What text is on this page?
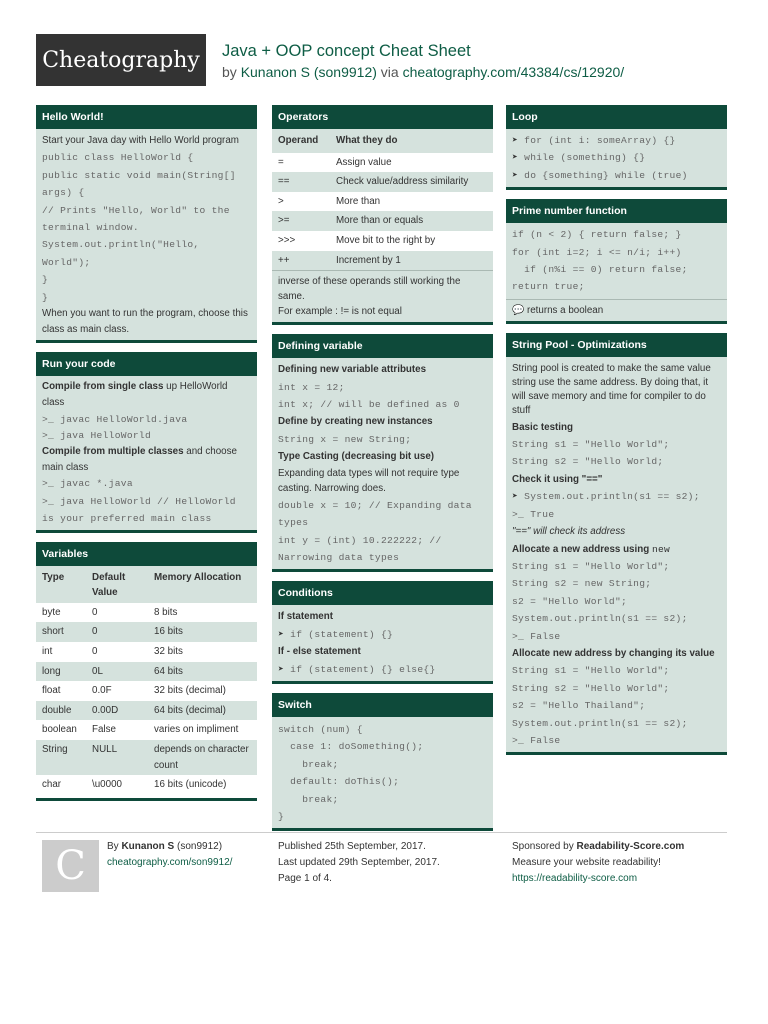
Cheatography Java + OOP concept Cheat Sheet
by Kunanon S (son9912) via cheatography.com/43384/cs/12920/
Hello World!
Start your Java day with Hello World program
public class HelloWorld {
public static void main(String[]
args) {
// Prints "Hello, World" to the
terminal window.
System.out.println("Hello, World");
}
}
When you want to run the program, choose this class as main class.
Run your code
Compile from single class up HelloWorld class
>_ javac HelloWorld.java
>_ java HelloWorld
Compile from multiple classes and choose main class
>_ javac *.java
>_ java HelloWorld // HelloWorld is your preferred main class
Variables
Type	Default Value	Memory Allocation
byte	0	8 bits
short	0	16 bits
int	0	32 bits
long	0L	64 bits
float	0.0F	32 bits (decimal)
double	0.00D	64 bits (decimal)
boolean	False	varies on impliment
String	NULL	depends on character count
char	\u0000	16 bits (unicode)
Operators
Operand	What they do
=	Assign value
==	Check value/address similarity
>	More than
>=	More than or equals
>>>	Move bit to the right by
++	Increment by 1
inverse of these operands still working the same.
For example : != is not equal
Defining variable
Defining new variable attributes
int x = 12;
int x; // will be defined as 0
Define by creating new instances
String x = new String;
Type Casting (decreasing bit use)
Expanding data types will not require type casting. Narrowing does.
double x = 10; // Expanding data types
int y = (int) 10.222222; // Narrowing data types
Conditions
If statement
➤ if (statement) {}
If - else statement
➤ if (statement) {} else{}
Switch
switch (num) {
case 1: doSomething();
break;
default: doThis();
break;
}
Loop
➤ for (int i: someArray) {}
➤ while (something) {}
➤ do {something} while (true)
Prime number function
if (n < 2) { return false; }
for (int i=2; i <= n/i; i++)
if (n%i == 0) return false;
return true;
💬 returns a boolean
String Pool - Optimizations
String pool is created to make the same value string use the same address. By doing that, it will save memory and time for compiler to do stuff
Basic testing
String s1 = "Hello World";
String s2 = "Hello World;
Check it using "=="
➤ System.out.println(s1 == s2);
>_ True
"==" will check its address
Allocate a new address using new
String s1 = "Hello World";
String s2 = new String;
s2 = "Hello World";
System.out.println(s1 == s2);
>_ False
Allocate new address by changing its value
String s1 = "Hello World";
String s2 = "Hello World";
s2 = "Hello Thailand";
System.out.println(s1 == s2);
>_ False
C By Kunanon S (son9912)
cheatography.com/son9912/
Published 25th September, 2017.
Last updated 29th September, 2017.
Page 1 of 4.
Sponsored by Readability-Score.com
Measure your website readability!
https://readability-score.com
